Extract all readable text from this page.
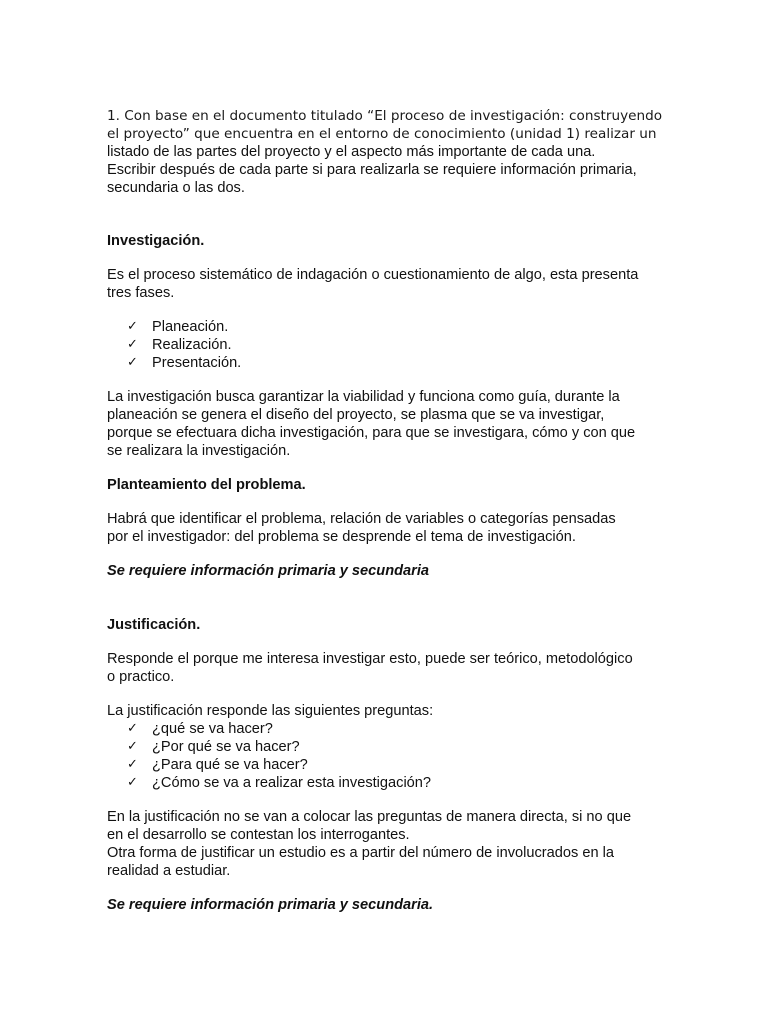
1. Con base en el documento titulado “El proceso de investigación: construyendo
el proyecto” que encuentra en el entorno de conocimiento (unidad 1) realizar un
listado de las partes del proyecto y el aspecto más importante de cada una.
Escribir después de cada parte si para realizarla se requiere información primaria,
secundaria o las dos.

Investigación.

Es el proceso sistemático de indagación o cuestionamiento de algo, esta presenta
tres fases.

✓ Planeación.
✓ Realización.
✓ Presentación.

La investigación busca garantizar la viabilidad y funciona como guía, durante la
planeación se genera el diseño del proyecto, se plasma que se va investigar,
porque se efectuara dicha investigación, para que se investigara, cómo y con que
se realizara la investigación.

Planteamiento del problema.

Habrá que identificar el problema, relación de variables o categorías pensadas
por el investigador: del problema se desprende el tema de investigación.

Se requiere información primaria y secundaria

Justificación.

Responde el porque me interesa investigar esto, puede ser teórico, metodológico
o practico.

La justificación responde las siguientes preguntas:

✓ ¿qué se va hacer?
✓ ¿Por qué se va hacer?
✓ ¿Para qué se va hacer?
✓ ¿Cómo se va a realizar esta investigación?

En la justificación no se van a colocar las preguntas de manera directa, si no que
en el desarrollo se contestan los interrogantes.
Otra forma de justificar un estudio es a partir del número de involucrados en la
realidad a estudiar.

Se requiere información primaria y secundaria.
